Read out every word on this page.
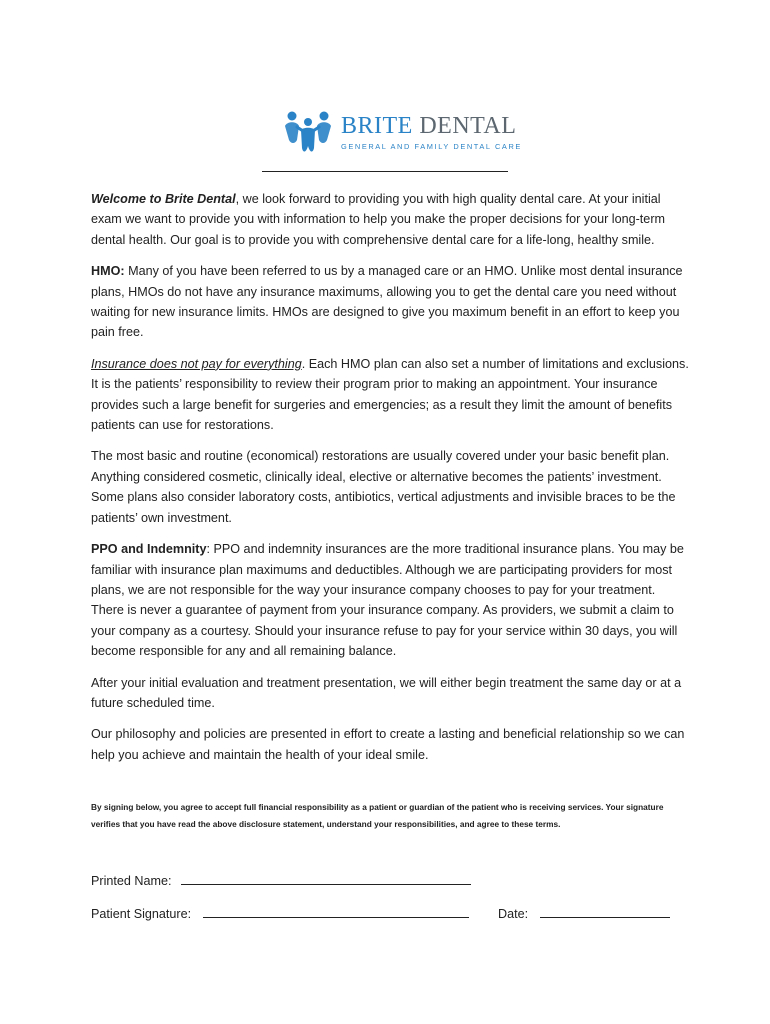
BRITE DENTAL
GENERAL AND FAMILY DENTAL CARE

Welcome to Brite Dental, we look forward to providing you with high quality dental care. At your initial exam we want to provide you with information to help you make the proper decisions for your long-term dental health. Our goal is to provide you with comprehensive dental care for a life-long, healthy smile.

HMO: Many of you have been referred to us by a managed care or an HMO. Unlike most dental insurance plans, HMOs do not have any insurance maximums, allowing you to get the dental care you need without waiting for new insurance limits. HMOs are designed to give you maximum benefit in an effort to keep you pain free.

Insurance does not pay for everything. Each HMO plan can also set a number of limitations and exclusions. It is the patients’ responsibility to review their program prior to making an appointment. Your insurance provides such a large benefit for surgeries and emergencies; as a result they limit the amount of benefits patients can use for restorations.

The most basic and routine (economical) restorations are usually covered under your basic benefit plan. Anything considered cosmetic, clinically ideal, elective or alternative becomes the patients’ investment. Some plans also consider laboratory costs, antibiotics, vertical adjustments and invisible braces to be the patients’ own investment.

PPO and Indemnity: PPO and indemnity insurances are the more traditional insurance plans. You may be familiar with insurance plan maximums and deductibles. Although we are participating providers for most plans, we are not responsible for the way your insurance company chooses to pay for your treatment. There is never a guarantee of payment from your insurance company. As providers, we submit a claim to your company as a courtesy. Should your insurance refuse to pay for your service within 30 days, you will become responsible for any and all remaining balance.

After your initial evaluation and treatment presentation, we will either begin treatment the same day or at a future scheduled time.

Our philosophy and policies are presented in effort to create a lasting and beneficial relationship so we can help you achieve and maintain the health of your ideal smile.

By signing below, you agree to accept full financial responsibility as a patient or guardian of the patient who is receiving services. Your signature verifies that you have read the above disclosure statement, understand your responsibilities, and agree to these terms.
Printed Name:
Patient Signature:	Date:
